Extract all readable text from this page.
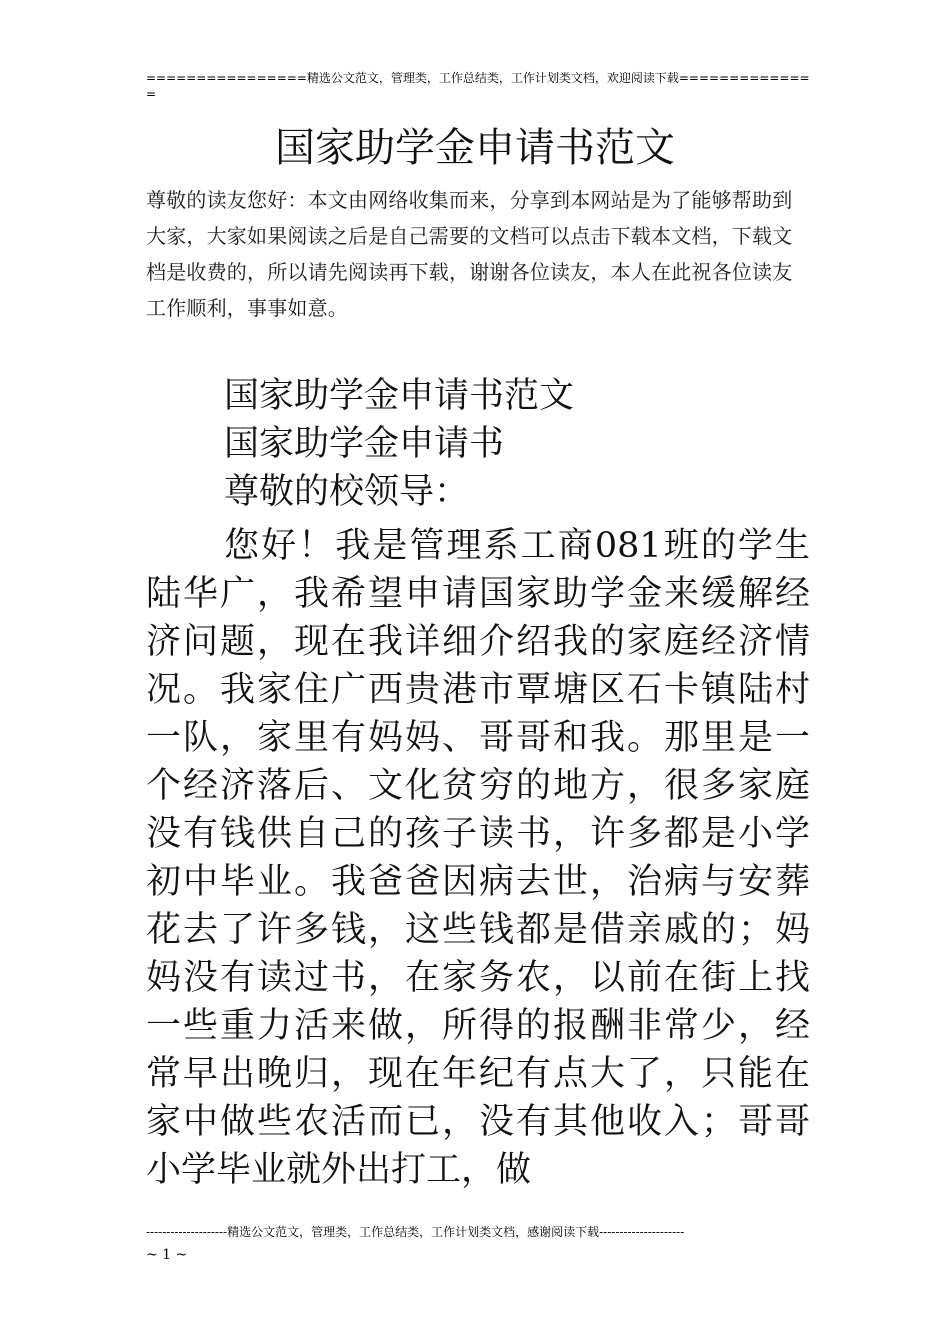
================精选公文范文，管理类，工作总结类，工作计划类文档，欢迎阅读下载==============
国家助学金申请书范文
尊敬的读友您好：本文由网络收集而来，分享到本网站是为了能够帮助到大家，大家如果阅读之后是自己需要的文档可以点击下载本文档，下载文档是收费的，所以请先阅读再下载，谢谢各位读友，本人在此祝各位读友工作顺利，事事如意。

国家助学金申请书范文

国家助学金申请书

尊敬的校领导：

您好！我是管理系工商081班的学生陆华广，我希望申请国家助学金来缓解经济问题，现在我详细介绍我的家庭经济情况。我家住广西贵港市覃塘区石卡镇陆村一队，家里有妈妈、哥哥和我。那里是一个经济落后、文化贫穷的地方，很多家庭没有钱供自己的孩子读书，许多都是小学初中毕业。我爸爸因病去世，治病与安葬花去了许多钱，这些钱都是借亲戚的；妈妈没有读过书，在家务农，以前在街上找一些重力活来做，所得的报酬非常少，经常早出晚归，现在年纪有点大了，只能在家中做些农活而已，没有其他收入；哥哥小学毕业就外出打工，做

--------------------精选公文范文，管理类，工作总结类，工作计划类文档，感谢阅读下载---------------------
~ 1 ~
